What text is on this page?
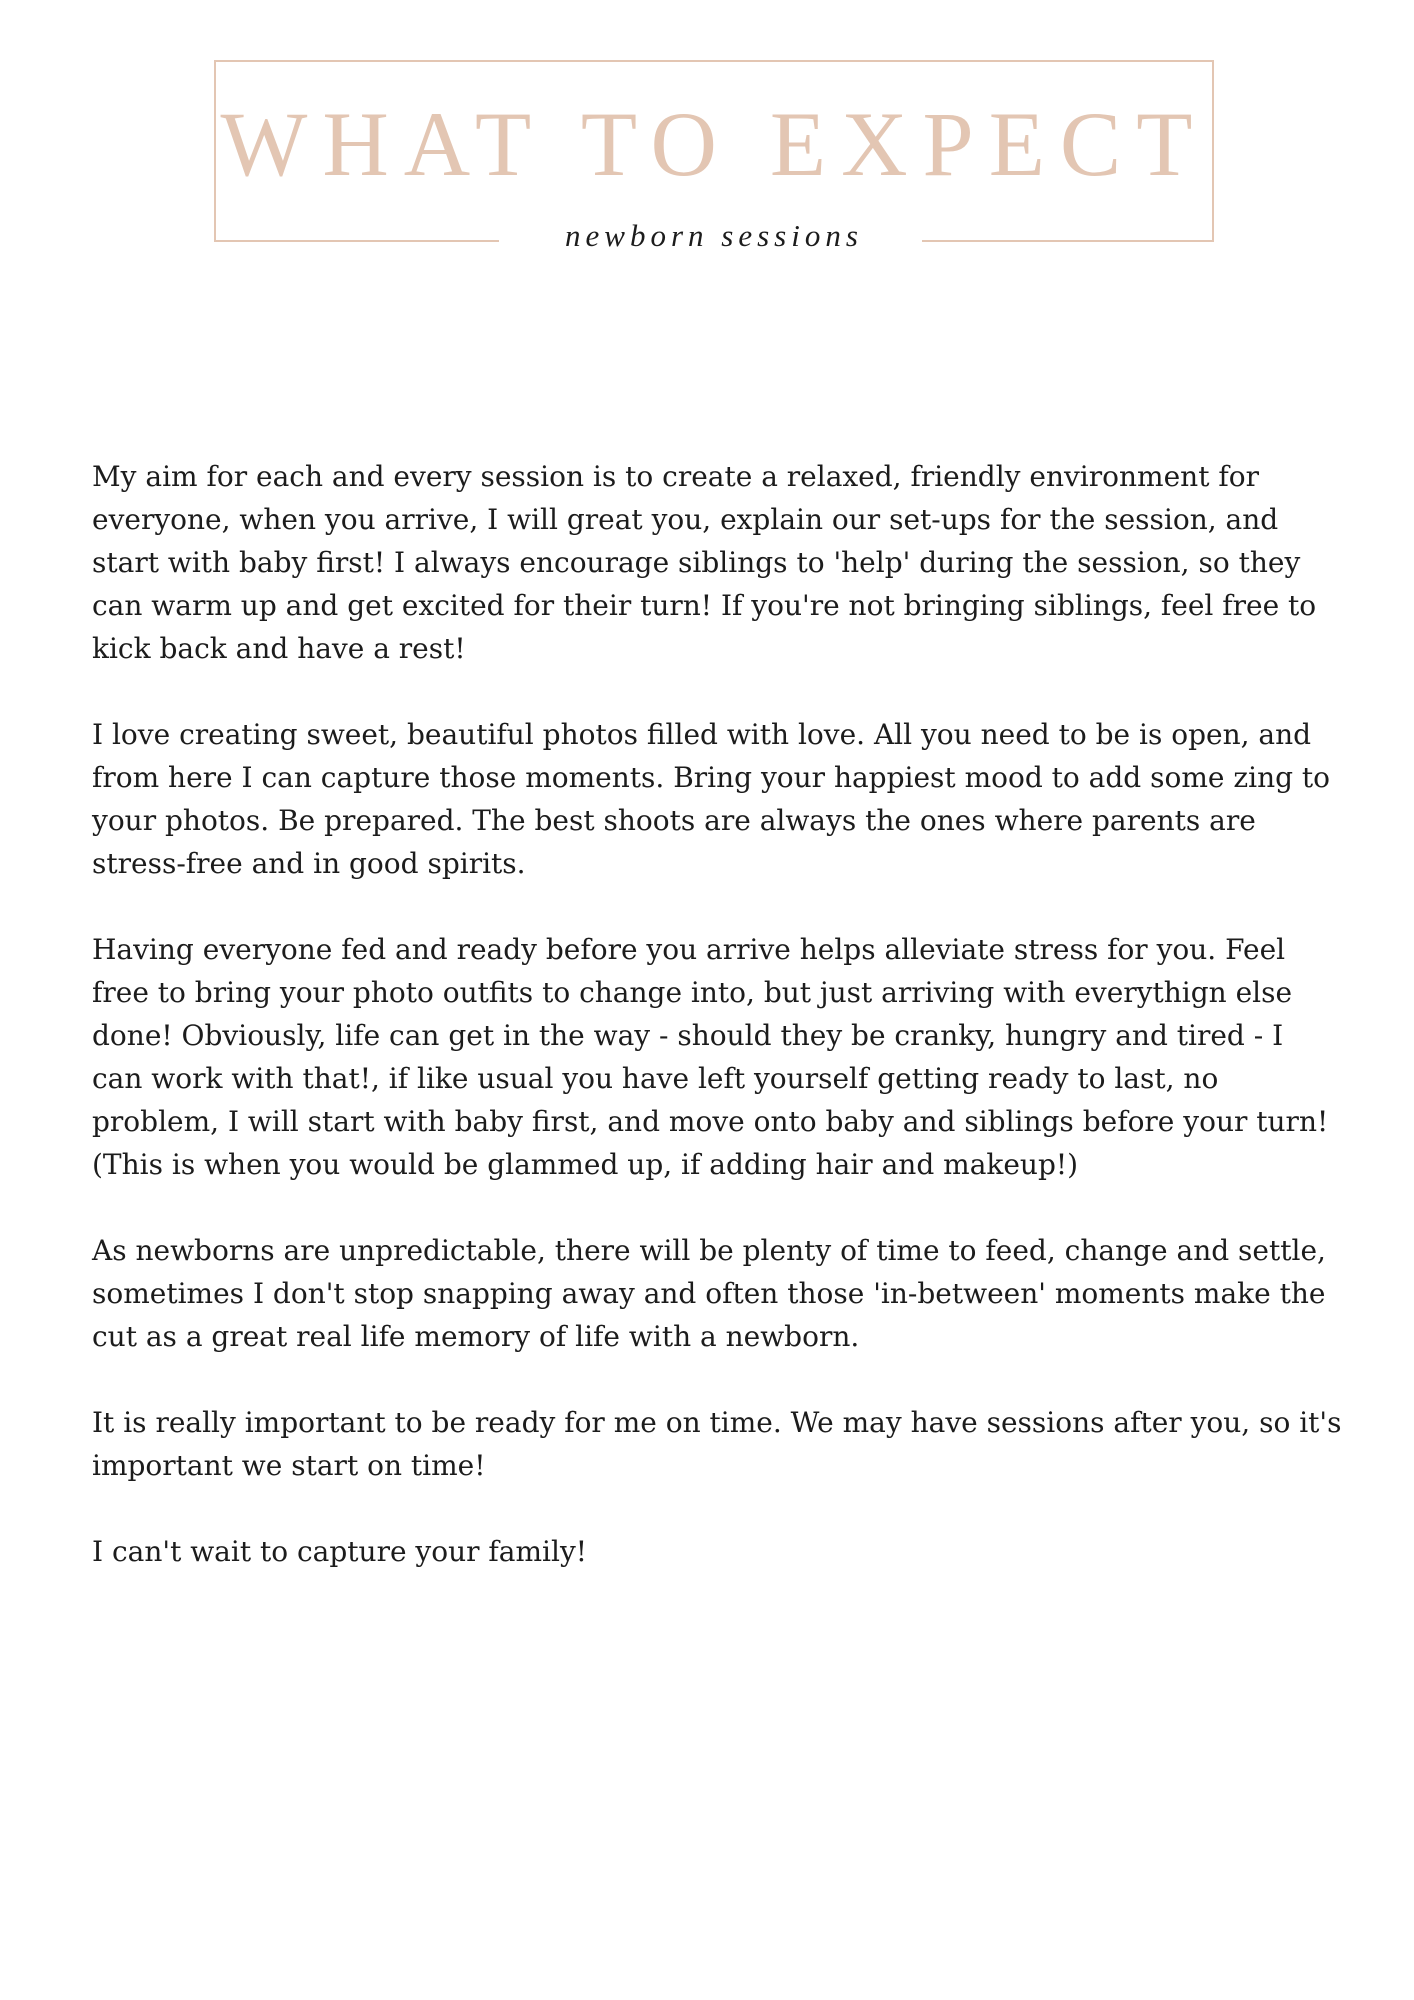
WHAT TO EXPECT
newborn sessions

My aim for each and every session is to create a relaxed, friendly environment for everyone, when you arrive, I will great you, explain our set-ups for the session, and start with baby first! I always encourage siblings to 'help' during the session, so they can warm up and get excited for their turn! If you're not bringing siblings, feel free to kick back and have a rest!

I love creating sweet, beautiful photos filled with love. All you need to be is open, and from here I can capture those moments. Bring your happiest mood to add some zing to your photos. Be prepared. The best shoots are always the ones where parents are stress-free and in good spirits.

Having everyone fed and ready before you arrive helps alleviate stress for you. Feel free to bring your photo outfits to change into, but just arriving with everythign else done! Obviously, life can get in the way - should they be cranky, hungry and tired - I can work with that!, if like usual you have left yourself getting ready to last, no problem, I will start with baby first, and move onto baby and siblings before your turn! (This is when you would be glammed up, if adding hair and makeup!)

As newborns are unpredictable, there will be plenty of time to feed, change and settle, sometimes I don't stop snapping away and often those 'in-between' moments make the cut as a great real life memory of life with a newborn.

It is really important to be ready for me on time. We may have sessions after you, so it's important we start on time!

I can't wait to capture your family!
